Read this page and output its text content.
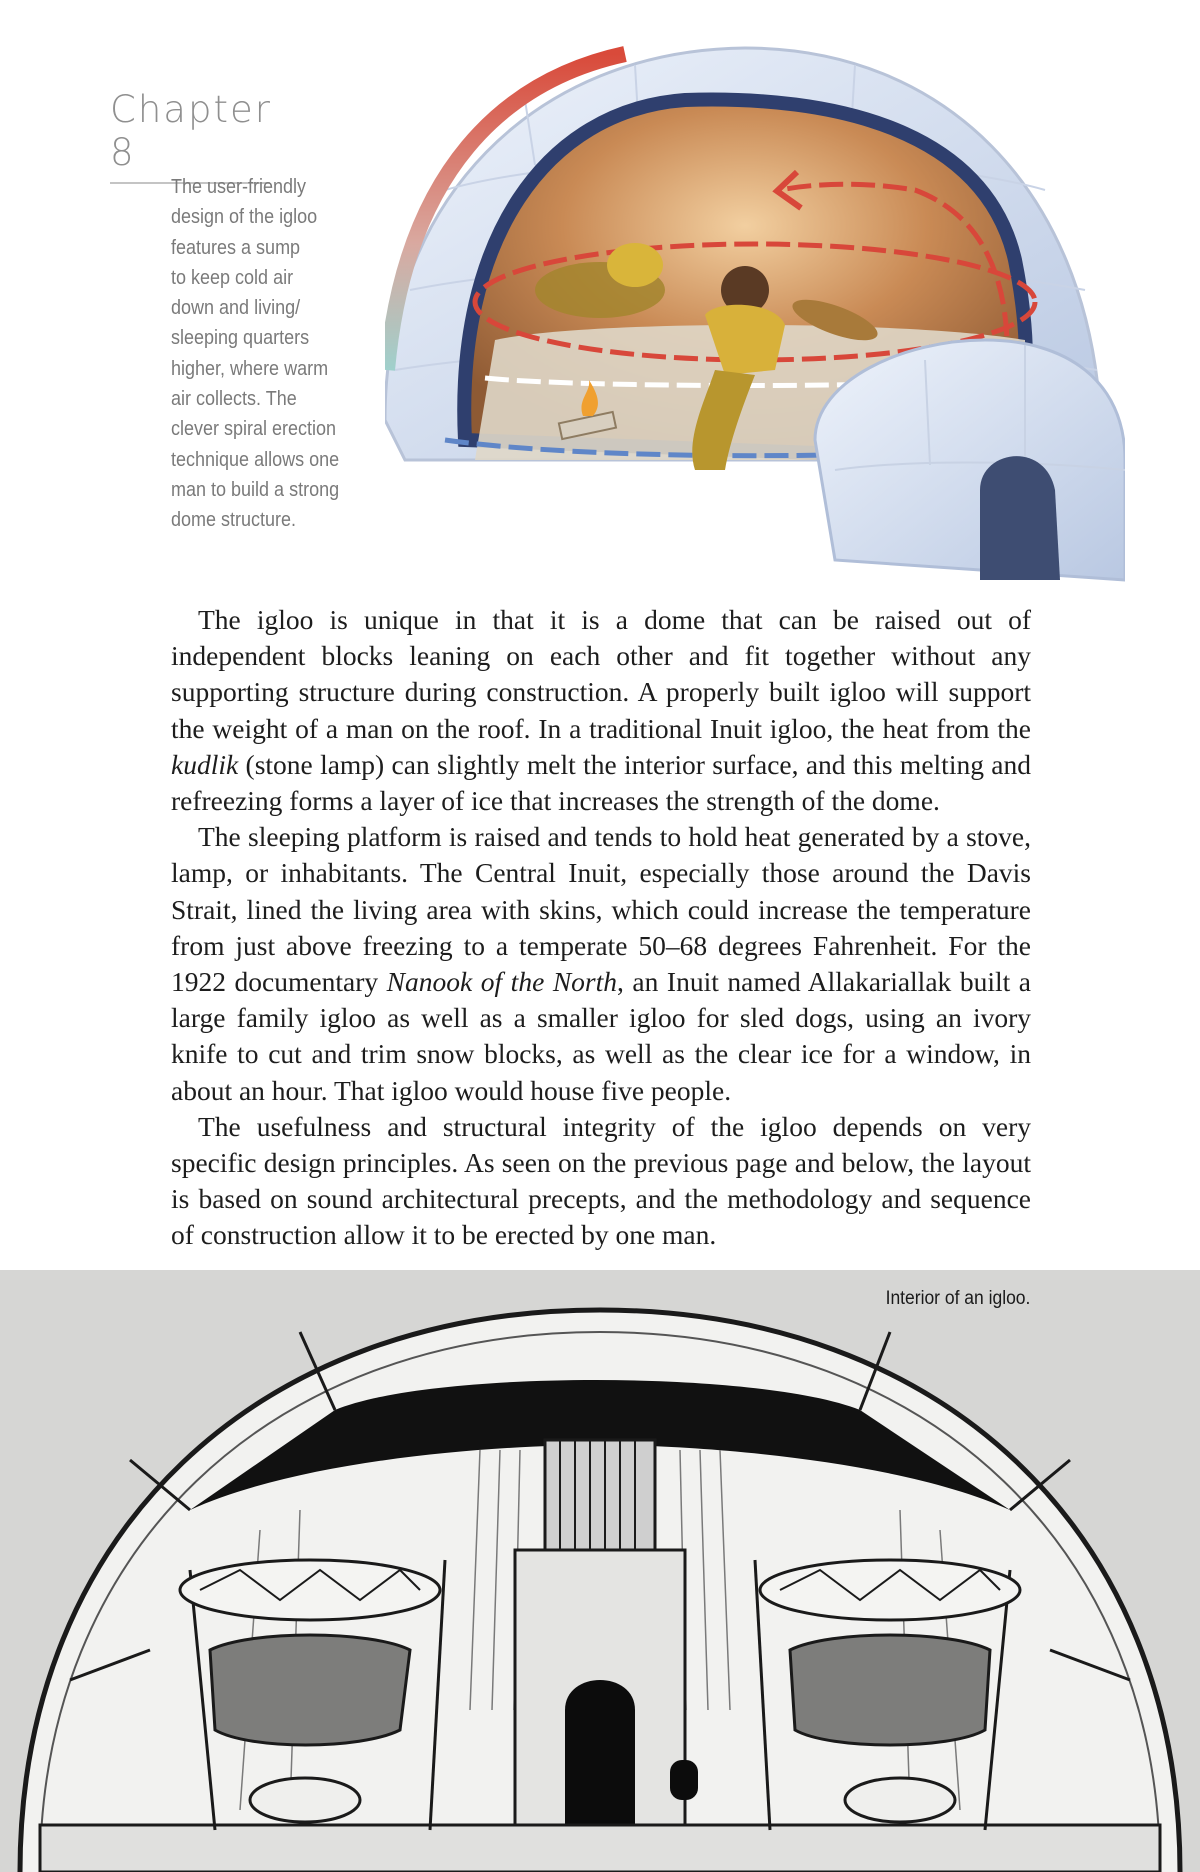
Chapter 8
The user-friendly
design of the igloo
features a sump
to keep cold air
down and living/
sleeping quarters
higher, where warm
air collects. The
clever spiral erection
technique allows one
man to build a strong
dome structure.

The igloo is unique in that it is a dome that can be raised out of independent blocks leaning on each other and fit together without any supporting structure during construction. A properly built igloo will support the weight of a man on the roof. In a traditional Inuit igloo, the heat from the kudlik (stone lamp) can slightly melt the interior surface, and this melting and refreezing forms a layer of ice that increases the strength of the dome.

The sleeping platform is raised and tends to hold heat generated by a stove, lamp, or inhabitants. The Central Inuit, especially those around the Davis Strait, lined the living area with skins, which could increase the temperature from just above freezing to a temperate 50–68 degrees Fahrenheit. For the 1922 documentary Nanook of the North, an Inuit named Allakariallak built a large family igloo as well as a smaller igloo for sled dogs, using an ivory knife to cut and trim snow blocks, as well as the clear ice for a window, in about an hour. That igloo would house five people.

The usefulness and structural integrity of the igloo depends on very specific design principles. As seen on the previous page and below, the layout is based on sound architectural precepts, and the methodology and sequence of construction allow it to be erected by one man.

Interior of an igloo.
